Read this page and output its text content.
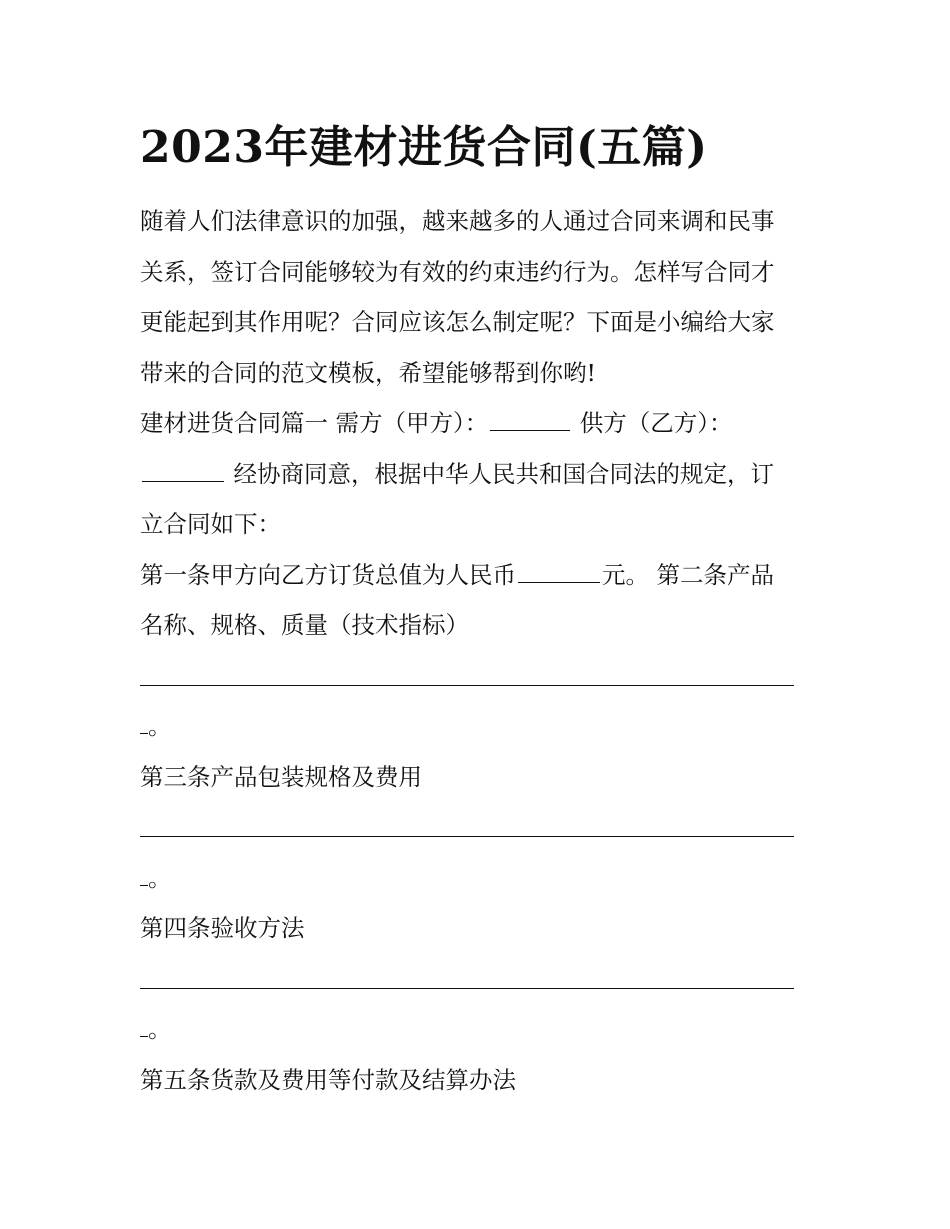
2023年建材进货合同(五篇)
随着人们法律意识的加强，越来越多的人通过合同来调和民事
关系，签订合同能够较为有效的约束违约行为。怎样写合同才
更能起到其作用呢？合同应该怎么制定呢？下面是小编给大家
带来的合同的范文模板，希望能够帮到你哟!
建材进货合同篇一 需方（甲方）：	供方（乙方）：
经协商同意，根据中华人民共和国合同法的规定，订
立合同如下：
第一条甲方向乙方订货总值为人民币	元。 第二条产品
名称、规格、质量（技术指标）
。
第三条产品包装规格及费用
。
第四条验收方法
。
第五条货款及费用等付款及结算办法
